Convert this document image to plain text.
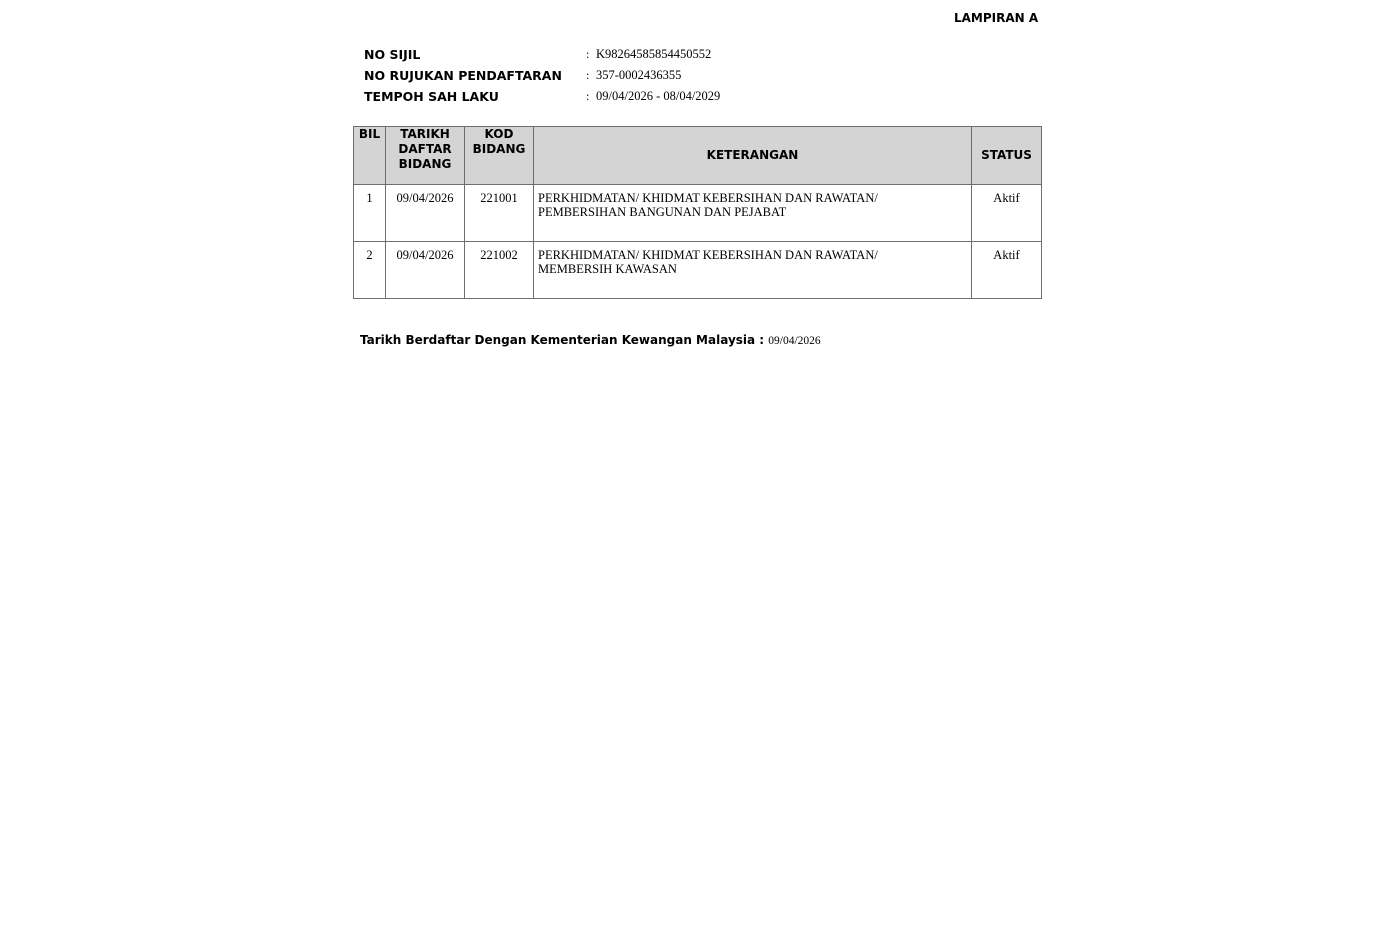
LAMPIRAN A
NO SIJIL	: K98264585854450552
NO RUJUKAN PENDAFTARAN : 357-0002436355
TEMPOH SAH LAKU	: 09/04/2026 - 08/04/2029
BIL	TARIKH DAFTAR BIDANG	KOD BIDANG	KETERANGAN	STATUS
1	09/04/2026	221001	PERKHIDMATAN/ KHIDMAT KEBERSIHAN DAN RAWATAN/
PEMBERSIHAN BANGUNAN DAN PEJABAT	Aktif
2	09/04/2026	221002	PERKHIDMATAN/ KHIDMAT KEBERSIHAN DAN RAWATAN/
MEMBERSIH KAWASAN	Aktif
Tarikh Berdaftar Dengan Kementerian Kewangan Malaysia : 09/04/2026
